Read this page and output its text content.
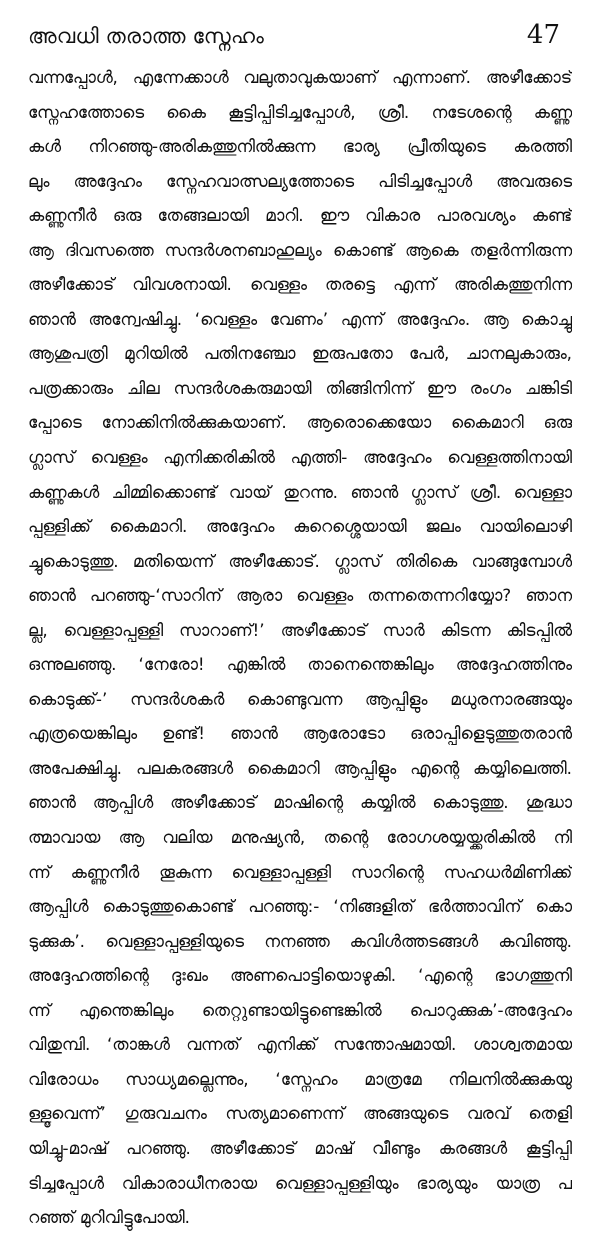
അവധി തരാത്ത സ്നേഹം	47
വന്നപ്പോൾ, എന്നേക്കാൾ വലുതാവുകയാണ് എന്നാണ്. അഴീക്കോട്
സ്നേഹത്തോടെ കൈ കൂട്ടിപ്പിടിച്ചപ്പോൾ, ശ്രീ. നടേശന്റെ കണ്ണു
കൾ നിറഞ്ഞു-അരികത്തുനിൽക്കുന്ന ഭാര്യ പ്രീതിയുടെ കരത്തി
ലും അദ്ദേഹം സ്നേഹവാത്സല്യത്തോടെ പിടിച്ചപ്പോൾ അവരുടെ
കണ്ണുനീർ ഒരു തേങ്ങലായി മാറി. ഈ വികാര പാരവശ്യം കണ്ട്
ആ ദിവസത്തെ സന്ദർശനബാഹുല്യം കൊണ്ട് ആകെ തളർന്നിരുന്ന
അഴീക്കോട് വിവശനായി. വെള്ളം തരട്ടെ എന്ന് അരികത്തുനിന്ന
ഞാൻ അന്വേഷിച്ചു. ‘വെള്ളം വേണം’ എന്ന് അദ്ദേഹം. ആ കൊച്ചു
ആശുപത്രി മുറിയിൽ പതിനഞ്ചോ ഇരുപതോ പേർ, ചാനലുകാരും,
പത്രക്കാരും ചില സന്ദർശകരുമായി തിങ്ങിനിന്ന് ഈ രംഗം ചങ്കിടി
പ്പോടെ നോക്കിനിൽക്കുകയാണ്. ആരൊക്കെയോ കൈമാറി ഒരു
ഗ്ലാസ് വെള്ളം എനിക്കരികിൽ എത്തി- അദ്ദേഹം വെള്ളത്തിനായി
കണ്ണുകൾ ചിമ്മിക്കൊണ്ട് വായ് തുറന്നു. ഞാൻ ഗ്ലാസ് ശ്രീ. വെള്ളാ
പ്പള്ളിക്ക് കൈമാറി. അദ്ദേഹം കുറെശ്ശെയായി ജലം വായിലൊഴി
ച്ചുകൊടുത്തു. മതിയെന്ന് അഴീക്കോട്. ഗ്ലാസ് തിരികെ വാങ്ങുമ്പോൾ
ഞാൻ പറഞ്ഞു-‘സാറിന് ആരാ വെള്ളം തന്നതെന്നറിയ്യോ? ഞാന
ല്ല, വെള്ളാപ്പള്ളി സാറാണ്!’ അഴീക്കോട് സാർ കിടന്ന കിടപ്പിൽ
ഒന്നുലഞ്ഞു. ‘നേരോ! എങ്കിൽ താനെന്തെങ്കിലും അദ്ദേഹത്തിനും
കൊടുക്ക്-’ സന്ദർശകർ കൊണ്ടുവന്ന ആപ്പിളും മധുരനാരങ്ങയും
എത്രയെങ്കിലും ഉണ്ട്! ഞാൻ ആരോടോ ഒരാപ്പിളെടുത്തുതരാൻ
അപേക്ഷിച്ചു. പലകരങ്ങൾ കൈമാറി ആപ്പിളും എന്റെ കയ്യിലെത്തി.
ഞാൻ ആപ്പിൾ അഴീക്കോട് മാഷിന്റെ കയ്യിൽ കൊടുത്തു. ശുദ്ധാ
ത്മാവായ ആ വലിയ മനുഷ്യൻ, തന്റെ രോഗശയ്യയ്ക്കരികിൽ നി
ന്ന് കണ്ണുനീർ തൂകുന്ന വെള്ളാപ്പള്ളി സാറിന്റെ സഹധർമിണിക്ക്
ആപ്പിൾ കൊടുത്തുകൊണ്ട് പറഞ്ഞു:- ‘നിങ്ങളിത് ഭർത്താവിന് കൊ
ടുക്കുക’. വെള്ളാപ്പള്ളിയുടെ നനഞ്ഞ കവിൾത്തടങ്ങൾ കവിഞ്ഞു.
അദ്ദേഹത്തിന്റെ ദുഃഖം അണപൊട്ടിയൊഴുകി. ‘എന്റെ ഭാഗത്തുനി
ന്ന് എന്തെങ്കിലും തെറ്റുണ്ടായിട്ടുണ്ടെങ്കിൽ പൊറുക്കുക’-അദ്ദേഹം
വിതുമ്പി. ‘താങ്കൾ വന്നത് എനിക്ക് സന്തോഷമായി. ശാശ്വതമായ
വിരോധം സാധ്യമല്ലെന്നും, ‘സ്നേഹം മാത്രമേ നിലനിൽക്കുകയു
ള്ളൂവെന്ന്’ ഗുരുവചനം സത്യമാണെന്ന് അങ്ങയുടെ വരവ് തെളി
യിച്ചു-മാഷ് പറഞ്ഞു. അഴീക്കോട് മാഷ് വീണ്ടും കരങ്ങൾ കൂട്ടിപ്പി
ടിച്ചപ്പോൾ വികാരാധീനരായ വെള്ളാപ്പള്ളിയും ഭാര്യയും യാത്ര പ
റഞ്ഞ് മുറിവിട്ടുപോയി.
